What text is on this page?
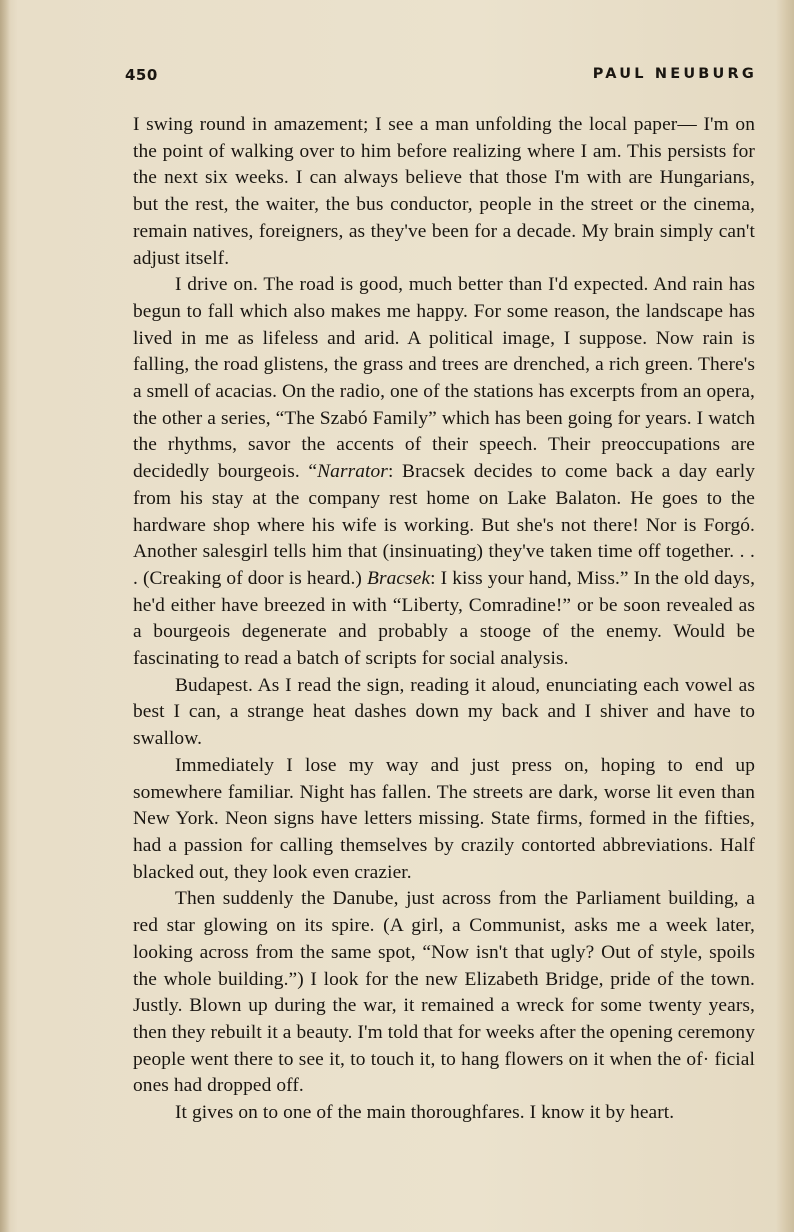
450	PAUL NEUBURG

I swing round in amazement; I see a man unfolding the local paper— I'm on the point of walking over to him before realizing where I am. This persists for the next six weeks. I can always believe that those I'm with are Hungarians, but the rest, the waiter, the bus conductor, people in the street or the cinema, remain natives, foreigners, as they've been for a decade. My brain simply can't adjust itself.

I drive on. The road is good, much better than I'd expected. And rain has begun to fall which also makes me happy. For some reason, the landscape has lived in me as lifeless and arid. A political image, I suppose. Now rain is falling, the road glistens, the grass and trees are drenched, a rich green. There's a smell of acacias. On the radio, one of the stations has excerpts from an opera, the other a series, “The Szabó Family” which has been going for years. I watch the rhythms, savor the accents of their speech. Their preoccupations are decidedly bourgeois. “Narrator: Bracsek decides to come back a day early from his stay at the company rest home on Lake Balaton. He goes to the hardware shop where his wife is working. But she's not there! Nor is Forgó. Another salesgirl tells him that (insinuating) they've taken time off together. . . . (Creaking of door is heard.) Bracsek: I kiss your hand, Miss.” In the old days, he'd either have breezed in with “Liberty, Comradine!” or be soon revealed as a bourgeois degenerate and probably a stooge of the enemy. Would be fascinating to read a batch of scripts for social analysis.

Budapest. As I read the sign, reading it aloud, enunciating each vowel as best I can, a strange heat dashes down my back and I shiver and have to swallow.

Immediately I lose my way and just press on, hoping to end up somewhere familiar. Night has fallen. The streets are dark, worse lit even than New York. Neon signs have letters missing. State firms, formed in the fifties, had a passion for calling themselves by crazily contorted abbreviations. Half blacked out, they look even crazier.

Then suddenly the Danube, just across from the Parliament building, a red star glowing on its spire. (A girl, a Communist, asks me a week later, looking across from the same spot, “Now isn't that ugly? Out of style, spoils the whole building.”) I look for the new Elizabeth Bridge, pride of the town. Justly. Blown up during the war, it remained a wreck for some twenty years, then they rebuilt it a beauty. I'm told that for weeks after the opening ceremony people went there to see it, to touch it, to hang flowers on it when the of· ficial ones had dropped off.

It gives on to one of the main thoroughfares. I know it by heart.
